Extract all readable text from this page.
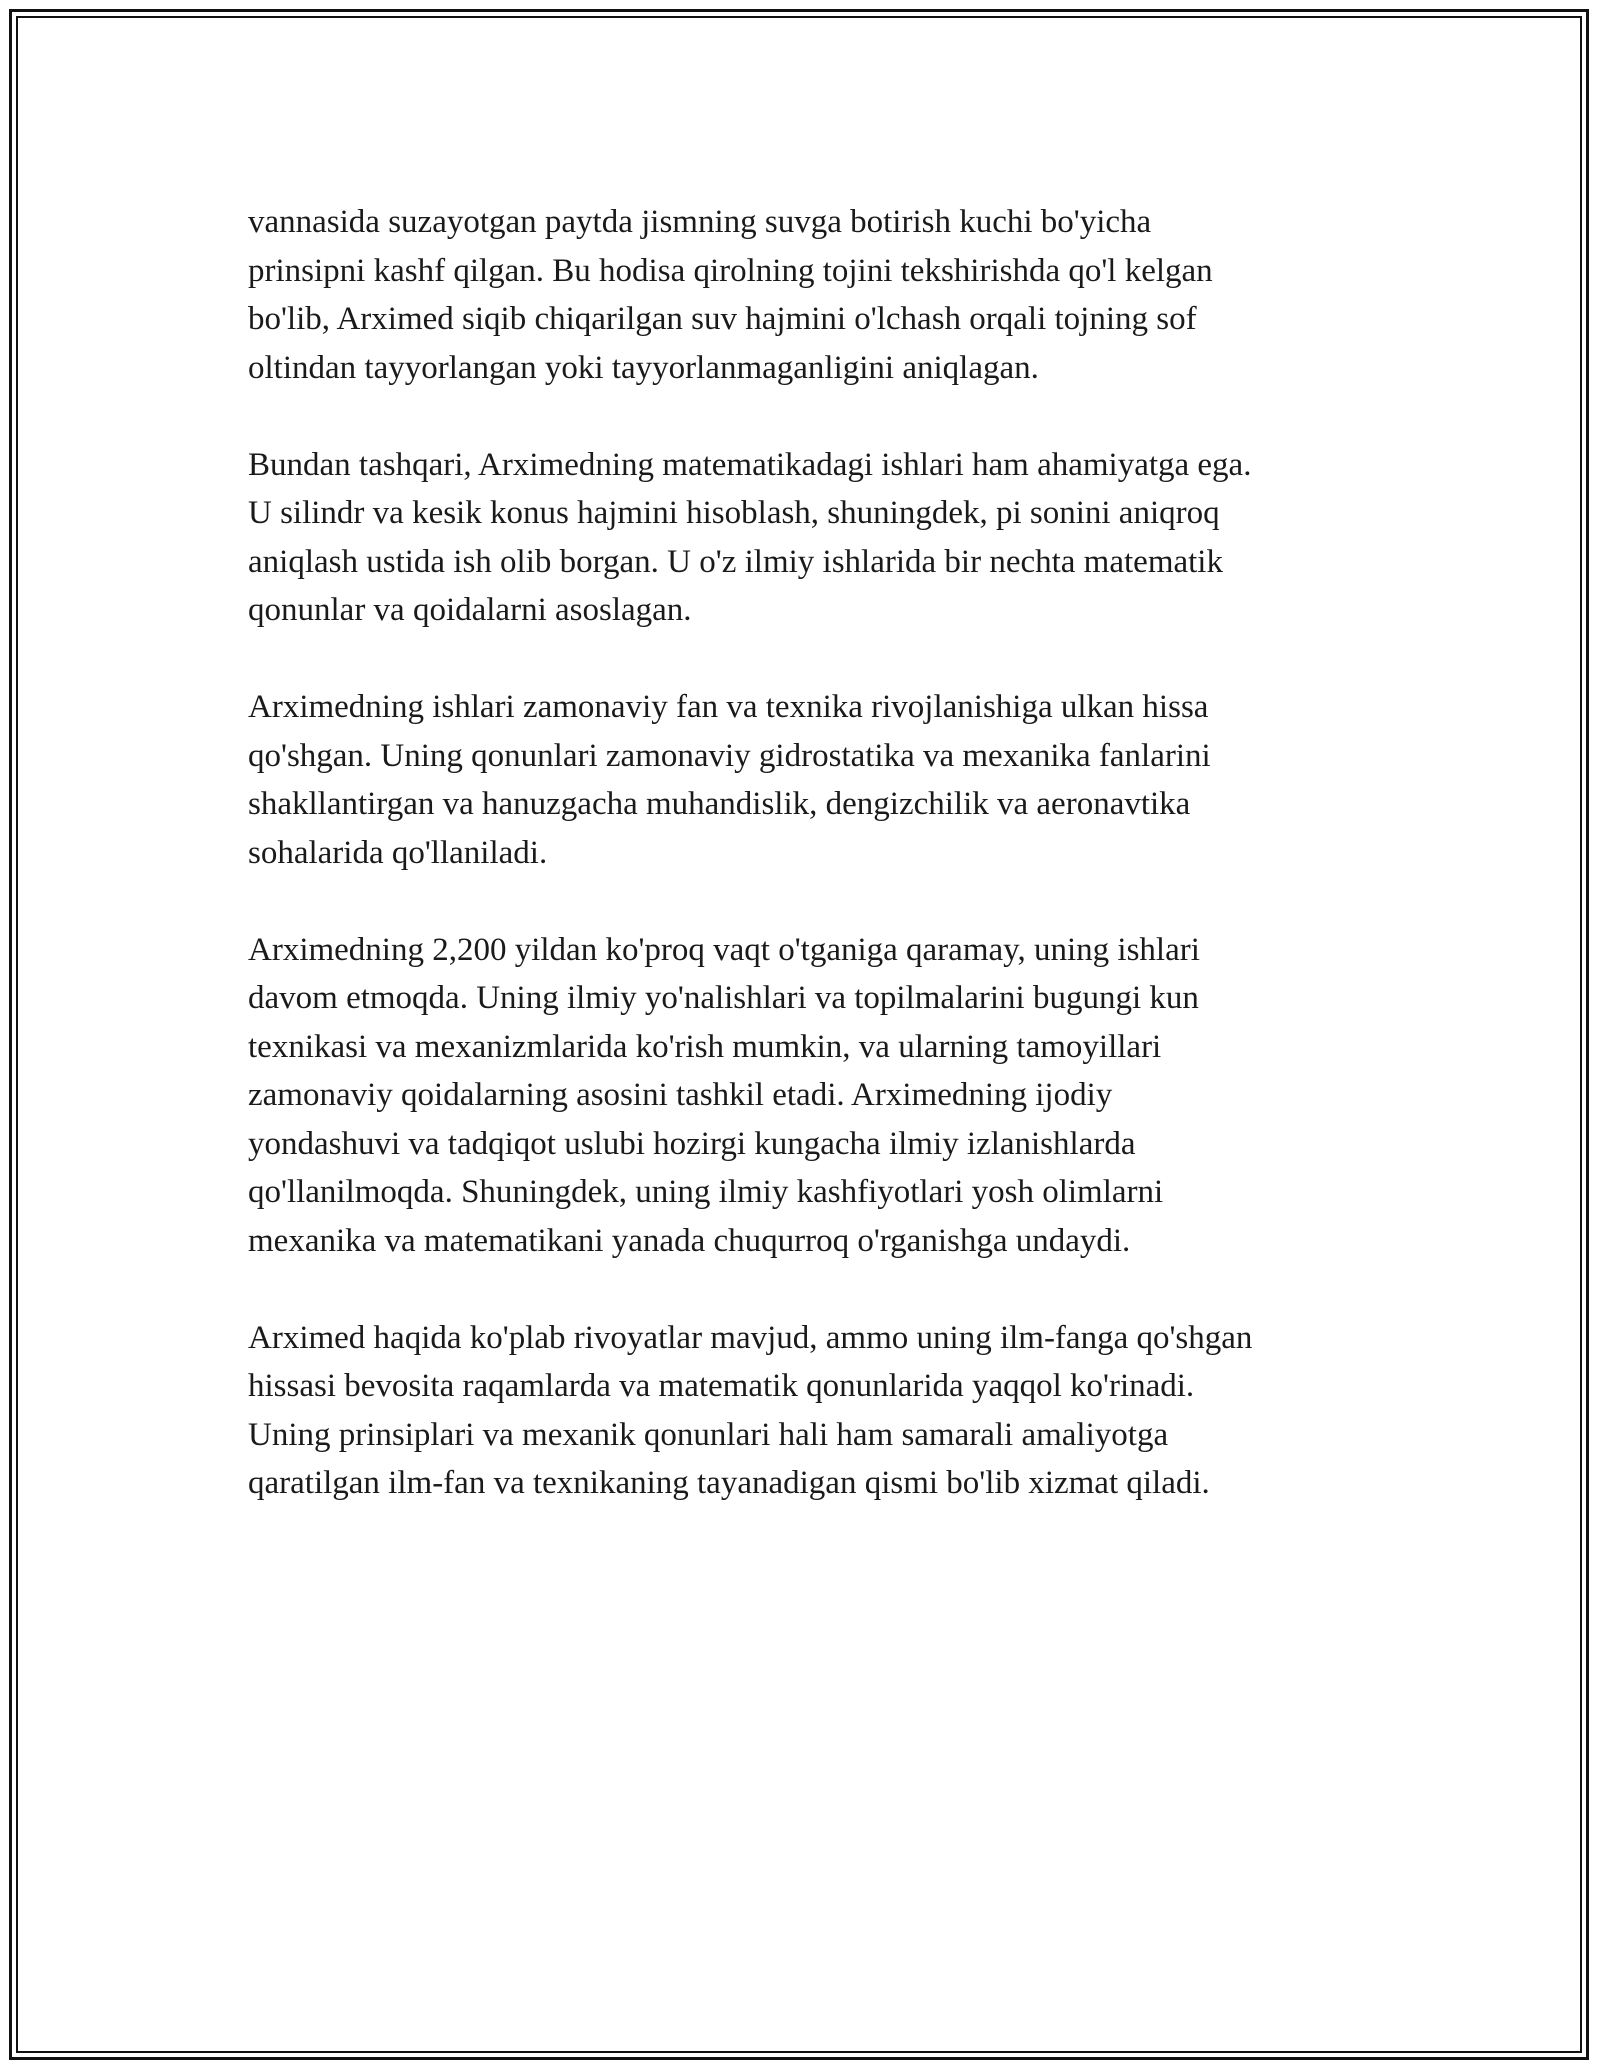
vannasida suzayotgan paytda jismning suvga botirish kuchi bo'yicha
prinsipni kashf qilgan. Bu hodisa qirolning tojini tekshirishda qo'l kelgan
bo'lib, Arximed siqib chiqarilgan suv hajmini o'lchash orqali tojning sof
oltindan tayyorlangan yoki tayyorlanmaganligini aniqlagan.

Bundan tashqari, Arximedning matematikadagi ishlari ham ahamiyatga ega.
U silindr va kesik konus hajmini hisoblash, shuningdek, pi sonini aniqroq
aniqlash ustida ish olib borgan. U o'z ilmiy ishlarida bir nechta matematik
qonunlar va qoidalarni asoslagan.

Arximedning ishlari zamonaviy fan va texnika rivojlanishiga ulkan hissa
qo'shgan. Uning qonunlari zamonaviy gidrostatika va mexanika fanlarini
shakllantirgan va hanuzgacha muhandislik, dengizchilik va aeronavtika
sohalarida qo'llaniladi.

Arximedning 2,200 yildan ko'proq vaqt o'tganiga qaramay, uning ishlari
davom etmoqda. Uning ilmiy yo'nalishlari va topilmalarini bugungi kun
texnikasi va mexanizmlarida ko'rish mumkin, va ularning tamoyillari
zamonaviy qoidalarning asosini tashkil etadi. Arximedning ijodiy
yondashuvi va tadqiqot uslubi hozirgi kungacha ilmiy izlanishlarda
qo'llanilmoqda. Shuningdek, uning ilmiy kashfiyotlari yosh olimlarni
mexanika va matematikani yanada chuqurroq o'rganishga undaydi.

Arximed haqida ko'plab rivoyatlar mavjud, ammo uning ilm-fanga qo'shgan
hissasi bevosita raqamlarda va matematik qonunlarida yaqqol ko'rinadi.
Uning prinsiplari va mexanik qonunlari hali ham samarali amaliyotga
qaratilgan ilm-fan va texnikaning tayanadigan qismi bo'lib xizmat qiladi.
